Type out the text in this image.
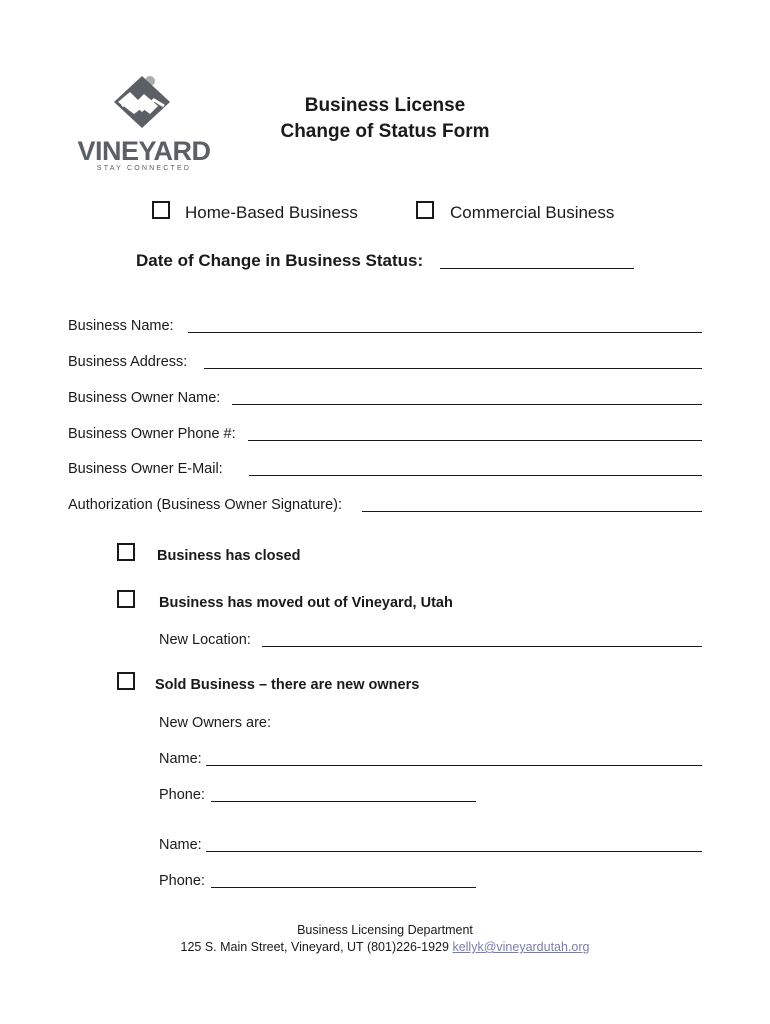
VINEYARD
STAY CONNECTED
Business License
Change of Status Form
Home-Based Business	Commercial Business
Date of Change in Business Status:
Business Name:
Business Address:
Business Owner Name:
Business Owner Phone #:
Business Owner E-Mail:
Authorization (Business Owner Signature):
Business has closed
Business has moved out of Vineyard, Utah
New Location:
Sold Business – there are new owners
New Owners are:
Name:
Phone:
Name:
Phone:
Business Licensing Department
125 S. Main Street, Vineyard, UT (801)226-1929 kellyk@vineyardutah.org
